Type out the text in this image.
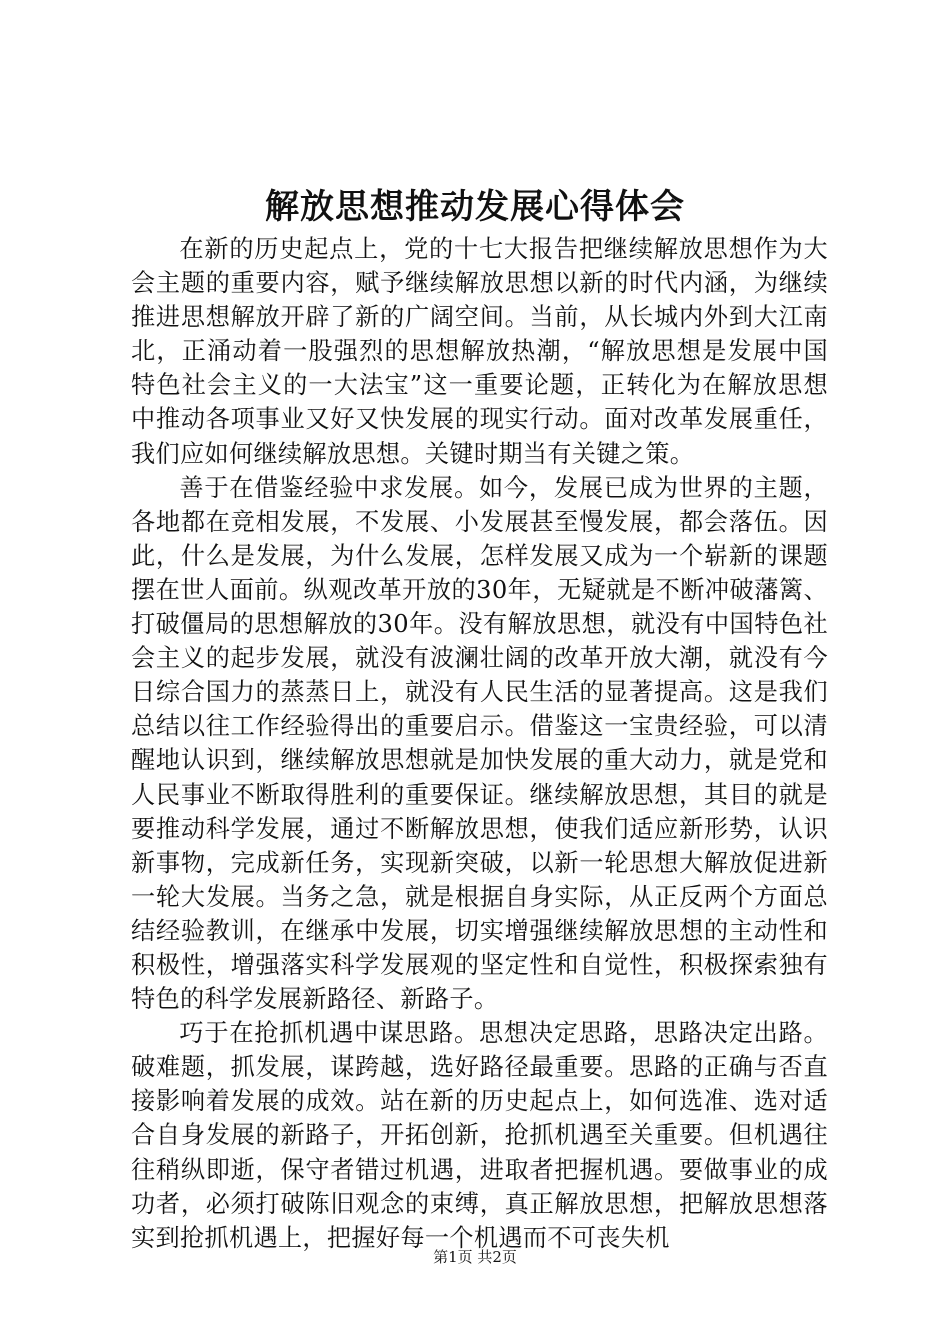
解放思想推动发展心得体会

在新的历史起点上，党的十七大报告把继续解放思想作为大会主题的重要内容，赋予继续解放思想以新的时代内涵，为继续推进思想解放开辟了新的广阔空间。当前，从长城内外到大江南北，正涌动着一股强烈的思想解放热潮，“解放思想是发展中国特色社会主义的一大法宝”这一重要论题，正转化为在解放思想中推动各项事业又好又快发展的现实行动。面对改革发展重任，我们应如何继续解放思想。关键时期当有关键之策。

善于在借鉴经验中求发展。如今，发展已成为世界的主题，各地都在竞相发展，不发展、小发展甚至慢发展，都会落伍。因此，什么是发展，为什么发展，怎样发展又成为一个崭新的课题摆在世人面前。纵观改革开放的30年，无疑就是不断冲破藩篱、打破僵局的思想解放的30年。没有解放思想，就没有中国特色社会主义的起步发展，就没有波澜壮阔的改革开放大潮，就没有今日综合国力的蒸蒸日上，就没有人民生活的显著提高。这是我们总结以往工作经验得出的重要启示。借鉴这一宝贵经验，可以清醒地认识到，继续解放思想就是加快发展的重大动力，就是党和人民事业不断取得胜利的重要保证。继续解放思想，其目的就是要推动科学发展，通过不断解放思想，使我们适应新形势，认识新事物，完成新任务，实现新突破，以新一轮思想大解放促进新一轮大发展。当务之急，就是根据自身实际，从正反两个方面总结经验教训，在继承中发展，切实增强继续解放思想的主动性和积极性，增强落实科学发展观的坚定性和自觉性，积极探索独有特色的科学发展新路径、新路子。

巧于在抢抓机遇中谋思路。思想决定思路，思路决定出路。破难题，抓发展，谋跨越，选好路径最重要。思路的正确与否直接影响着发展的成效。站在新的历史起点上，如何选准、选对适合自身发展的新路子，开拓创新，抢抓机遇至关重要。但机遇往往稍纵即逝，保守者错过机遇，进取者把握机遇。要做事业的成功者，必须打破陈旧观念的束缚，真正解放思想，把解放思想落实到抢抓机遇上，把握好每一个机遇而不可丧失机

第1页 共2页
